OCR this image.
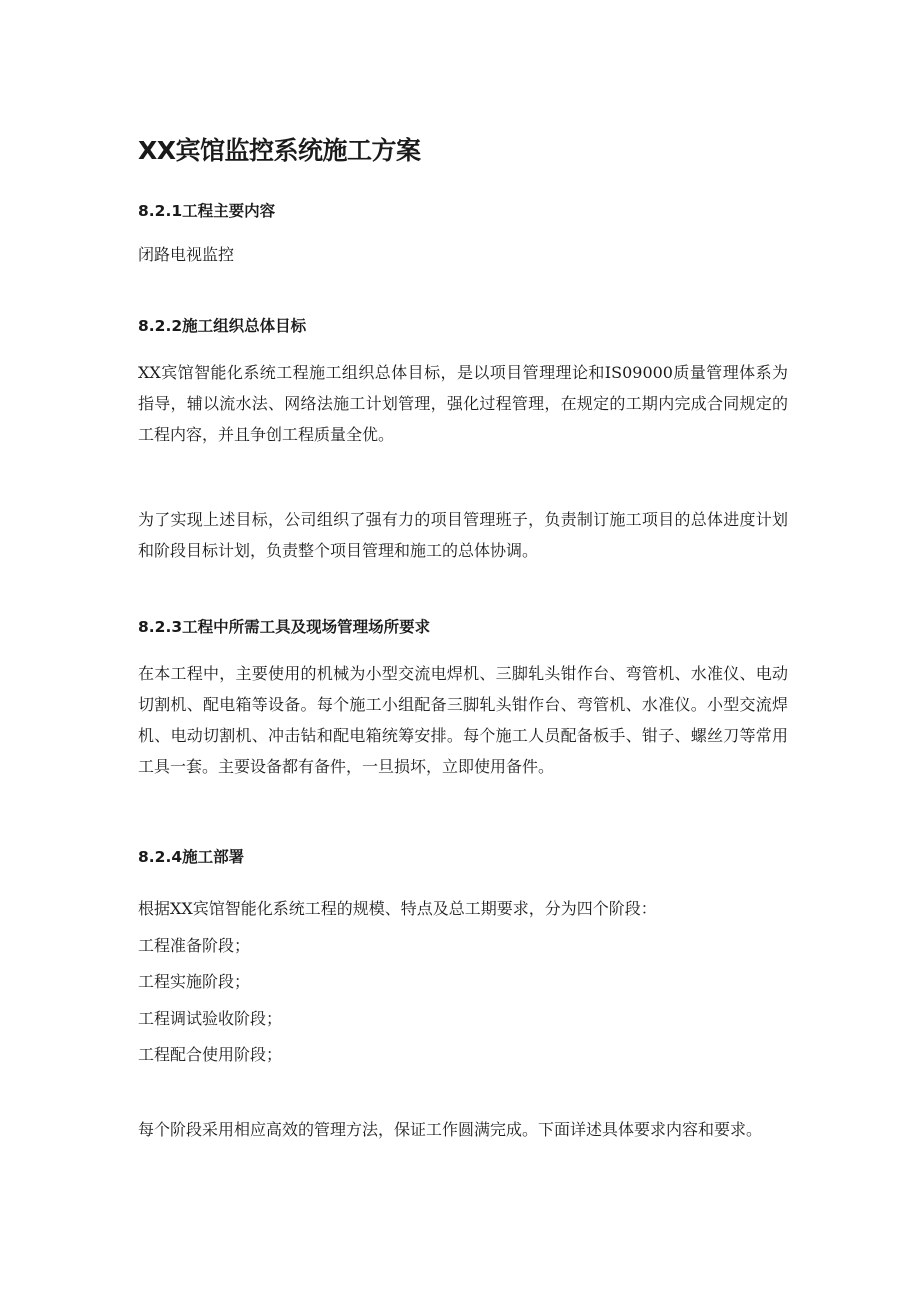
XX宾馆监控系统施工方案
8.2.1工程主要内容
闭路电视监控
8.2.2施工组织总体目标

XX宾馆智能化系统工程施工组织总体目标，是以项目管理理论和IS09000质量管理体系为指导，辅以流水法、网络法施工计划管理，强化过程管理，在规定的工期内完成合同规定的工程内容，并且争创工程质量全优。

为了实现上述目标，公司组织了强有力的项目管理班子，负责制订施工项目的总体进度计划和阶段目标计划，负责整个项目管理和施工的总体协调。

8.2.3工程中所需工具及现场管理场所要求

在本工程中，主要使用的机械为小型交流电焊机、三脚轧头钳作台、弯管机、水准仪、电动切割机、配电箱等设备。每个施工小组配备三脚轧头钳作台、弯管机、水准仪。小型交流焊机、电动切割机、冲击钻和配电箱统筹安排。每个施工人员配备板手、钳子、螺丝刀等常用工具一套。主要设备都有备件，一旦损坏，立即使用备件。

8.2.4施工部署
根据XX宾馆智能化系统工程的规模、特点及总工期要求，分为四个阶段：
工程准备阶段；
工程实施阶段；
工程调试验收阶段；
工程配合使用阶段；

每个阶段采用相应高效的管理方法，保证工作圆满完成。下面详述具体要求内容和要求。
